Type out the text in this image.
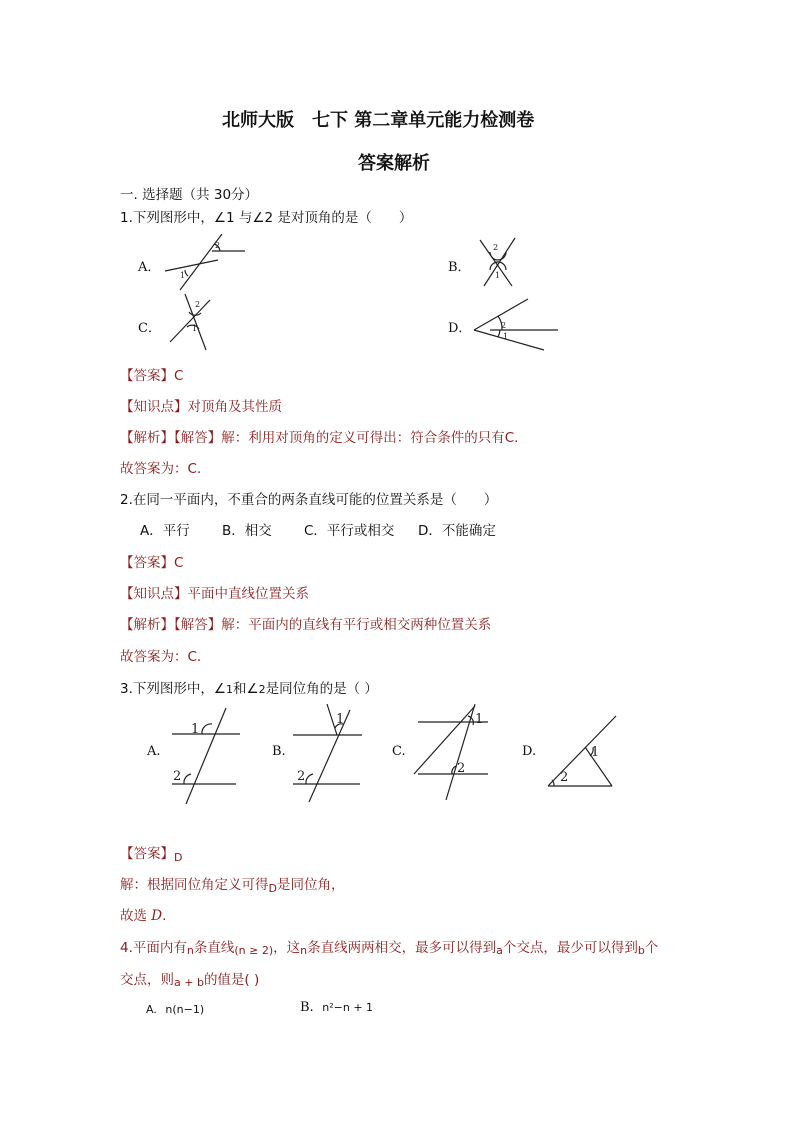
北师大版　七下 第二章单元能力检测卷
答案解析
一. 选择题（共 30分）
1.下列图形中，∠1 与∠2 是对顶角的是（　　）
A．
2
1
2
1
2
1	2
1
B．
C．	D．
【答案】C
【知识点】对顶角及其性质
【解析】【解答】解：利用对顶角的定义可得出：符合条件的只有C.
故答案为：C.
2.在同一平面内，不重合的两条直线可能的位置关系是（　　）
A．平行 B．相交 C．平行或相交 D．不能确定
【答案】C
【知识点】平面中直线位置关系
【解析】【解答】解：平面内的直线有平行或相交两种位置关系
故答案为：C.
3.下列图形中，∠1和∠2是同位角的是（ ）
1
2
1
2
1
2
1
2
A.	B.	C.	D.
【答案】$_D$
解：根据同位角定义可得$_D$是同位角，
故选 D.
4.平面内有n条直线(n ≥ 2)，这n条直线两两相交，最多可以得到a个交点，最少可以得到b个
交点，则a + b的值是( )
A. n(n−1)	B. n²−n + 1
